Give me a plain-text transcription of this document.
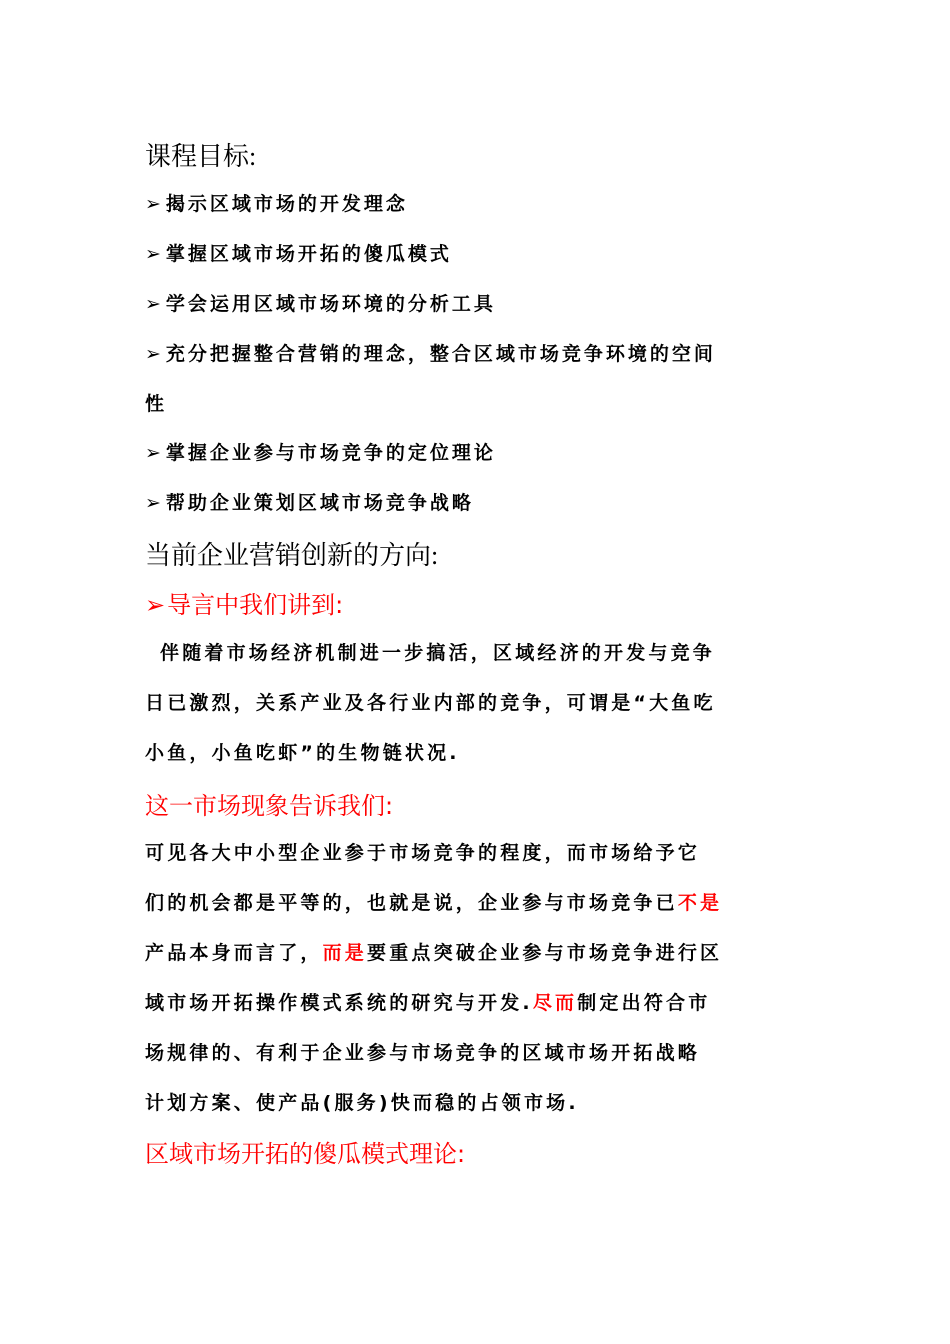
课程目标:
➢ 揭示区域市场的开发理念
➢ 掌握区域市场开拓的傻瓜模式
➢ 学会运用区域市场环境的分析工具
➢ 充分把握整合营销的理念，整合区域市场竞争环境的空间
性
➢ 掌握企业参与市场竞争的定位理论
➢ 帮助企业策划区域市场竞争战略
当前企业营销创新的方向:
➢导言中我们讲到:
伴随着市场经济机制进一步搞活，区域经济的开发与竞争
日已激烈，关系产业及各行业内部的竞争，可谓是“大鱼吃
小鱼，小鱼吃虾”的生物链状况.
这一市场现象告诉我们:
可见各大中小型企业参于市场竞争的程度，而市场给予它
们的机会都是平等的，也就是说，企业参与市场竞争已不是
产品本身而言了，而是要重点突破企业参与市场竞争进行区
域市场开拓操作模式系统的研究与开发.尽而制定出符合市
场规律的、有利于企业参与市场竞争的区域市场开拓战略
计划方案、使产品(服务)快而稳的占领市场.
区域市场开拓的傻瓜模式理论:
